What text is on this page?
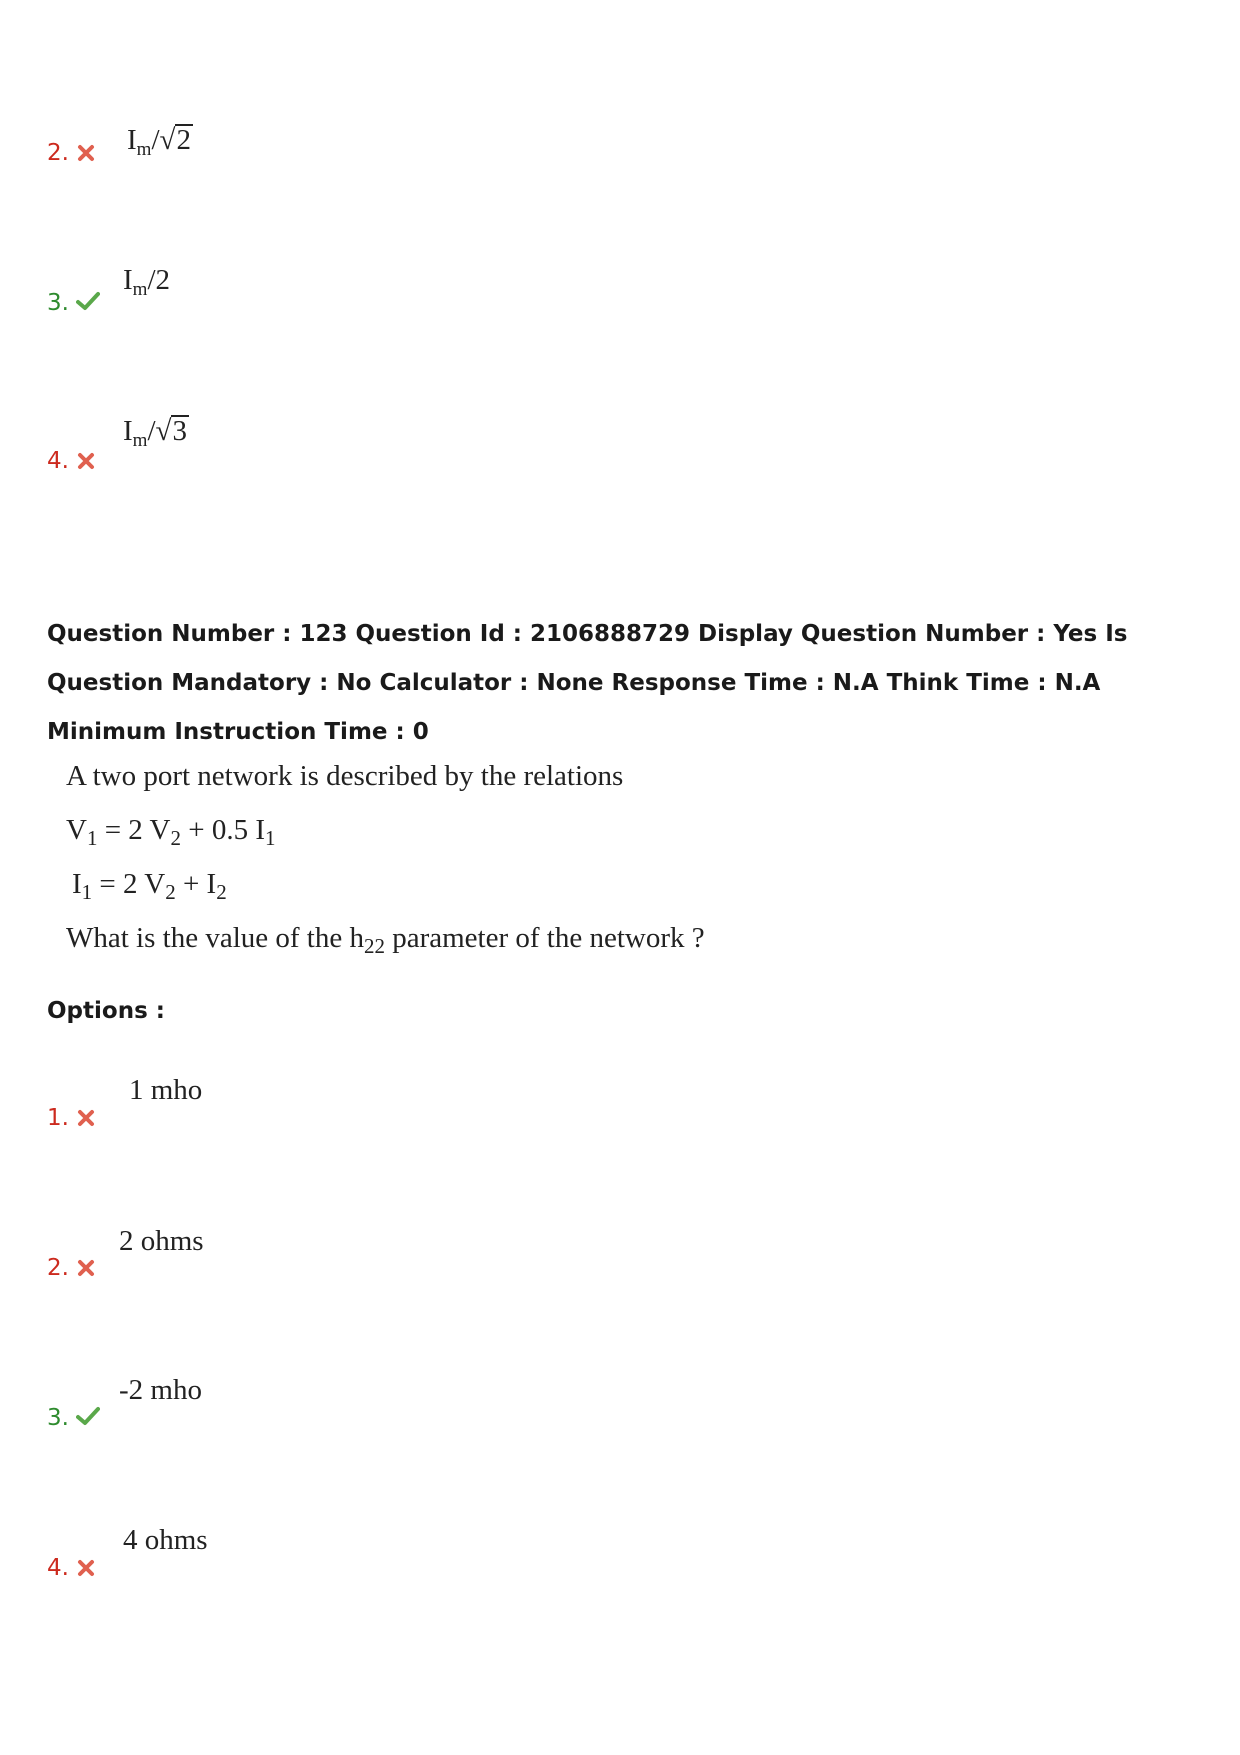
2. $I_m/√2$
3.
$I_m/2$
4.
$I_m/√3$

Question Number : 123 Question Id : 2106888729 Display Question Number : Yes Is Question Mandatory : No Calculator : None Response Time : N.A Think Time : N.A Minimum Instruction Time : 0

A two port network is described by the relations
$V_1 = 2$ $V_2 + 0.5$ $I_1$
$I_1 = 2$ $V_2 + I_2$
What is the value of the $h_{22}$ parameter of the network ?
Options :
1.
1 mho
2.
2 ohms
3.
-2 mho
4.
4 ohms
